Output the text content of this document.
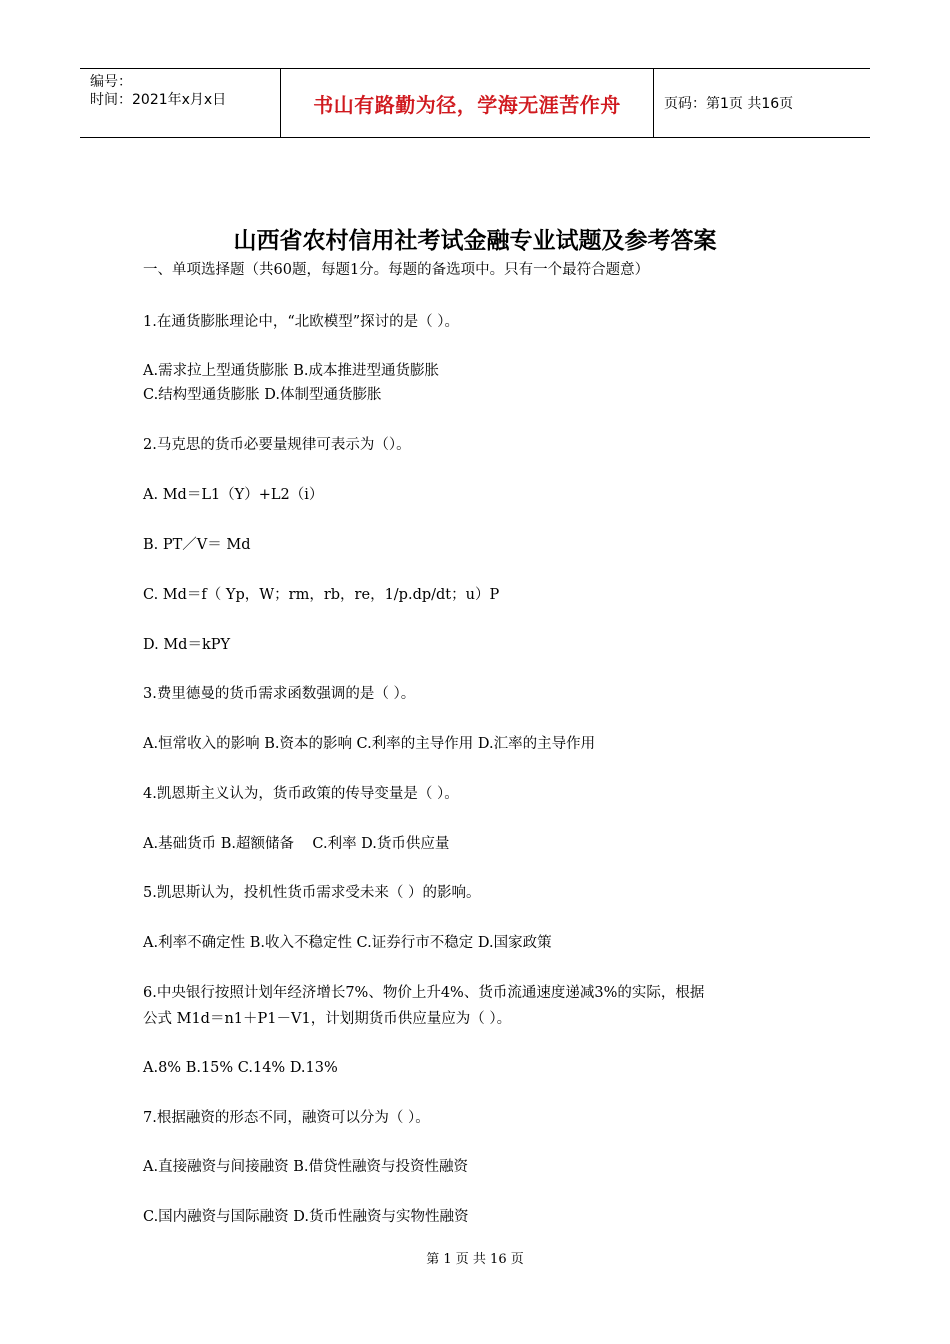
编号：
时间：2021年x月x日	书山有路勤为径，学海无涯苦作舟	页码：第1页 共16页
山西省农村信用社考试金融专业试题及参考答案
一、单项选择题（共60题，每题1分。每题的备选项中。只有一个最符合题意）
1.在通货膨胀理论中，“北欧模型”探讨的是（ ）。
A.需求拉上型通货膨胀 B.成本推进型通货膨胀
C.结构型通货膨胀 D.体制型通货膨胀
2.马克思的货币必要量规律可表示为（）。
A. Md＝L1（Y）+L2（i）
B. PT／V＝ Md
C. Md＝f（ Yp，W；rm，rb，re，1/p.dp/dt；u）P
D. Md＝kPY
3.费里德曼的货币需求函数强调的是（ ）。
A.恒常收入的影响 B.资本的影响 C.利率的主导作用 D.汇率的主导作用
4.凯恩斯主义认为，货币政策的传导变量是（ ）。
A.基础货币 B.超额储备    C.利率 D.货币供应量
5.凯思斯认为，投机性货币需求受未来（ ）的影响。
A.利率不确定性 B.收入不稳定性 C.证券行市不稳定 D.国家政策
6.中央银行按照计划年经济增长7%、物价上升4%、货币流通速度递减3%的实际，根据
公式 M1d＝n1＋P1－V1，计划期货币供应量应为（ ）。
A.8% B.15% C.14% D.13%
7.根据融资的形态不同，融资可以分为（ ）。
A.直接融资与间接融资 B.借贷性融资与投资性融资
C.国内融资与国际融资 D.货币性融资与实物性融资
第 1 页 共 16 页
